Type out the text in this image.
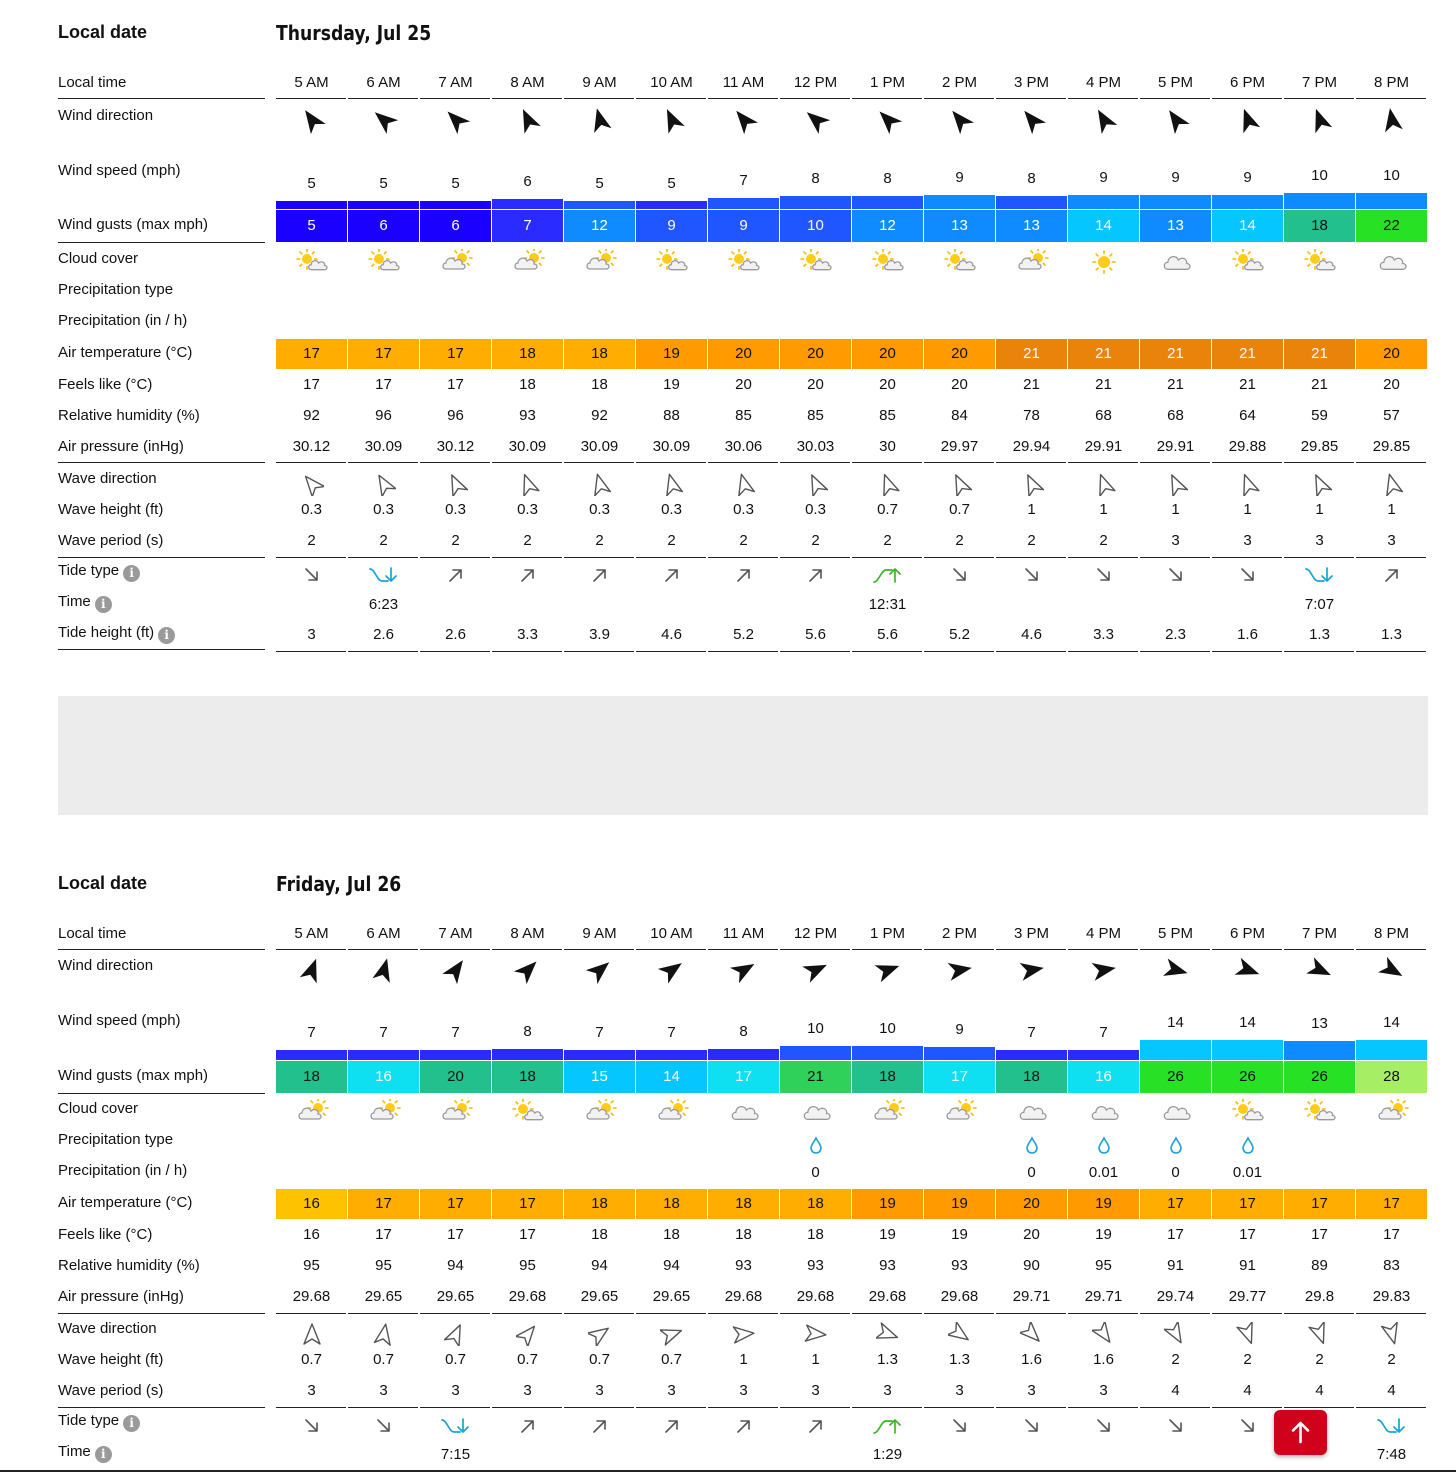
Local date	Thursday, Jul 25
Local time
Wind direction
Wind speed (mph)
Wind gusts (max mph)
Cloud cover
Precipitation type
Precipitation (in / h)
Air temperature (°C)
Feels like (°C)
Relative humidity (%)
Air pressure (inHg)
Wave direction
Wave height (ft)
Wave period (s)
Tide type i
Time i
Tide height (ft) i
5 AM
5
5
17
17
92
30.12
0.3
2
3
6 AM
5
6
17
17
96
30.09
0.3
2
6:23
2.6
7 AM
5
6
17
17
96
30.12
0.3
2
2.6
8 AM
6
7
18
18
93
30.09
0.3
2
3.3
9 AM
5
12
18
18
92
30.09
0.3
2
3.9
10 AM
5
9
19
19
88
30.09
0.3
2
4.6
11 AM
7
9
20
20
85
30.06
0.3
2
5.2
12 PM
8
10
20
20
85
30.03
0.3
2
5.6
1 PM
8
12
20
20
85
30
0.7
2
12:31
5.6
2 PM
9
13
20
20
84
29.97
0.7
2
5.2
3 PM
8
13
21
21
78
29.94
1
2
4.6
4 PM
9
14
21
21
68
29.91
1
2
3.3
5 PM
9
13
21
21
68
29.91
1
3
2.3
6 PM
9
14
21
21
64
29.88
1
3
1.6
7 PM
10
18
21
21
59
29.85
1
3
7:07
1.3
8 PM
10
22
20
20
57
29.85
1
3
1.3
Local date	Friday, Jul 26
Local time
Wind direction
Wind speed (mph)
Wind gusts (max mph)
Cloud cover
Precipitation type
Precipitation (in / h)
Air temperature (°C)
Feels like (°C)
Relative humidity (%)
Air pressure (inHg)
Wave direction
Wave height (ft)
Wave period (s)
Tide type i
Time i
5 AM
7
18
16
16
95
29.68
0.7
3
6 AM
7
16
17
17
95
29.65
0.7
3
7 AM
7
20
17
17
94
29.65
0.7
3
7:15
8 AM
8
18
17
17
95
29.68
0.7
3
9 AM
7
15
18
18
94
29.65
0.7
3
10 AM
7
14
18
18
94
29.65
0.7
3
11 AM
8
17
18
18
93
29.68
1
3
12 PM
10
21
0
18
18
93
29.68
1
3
1 PM
10
18
19
19
93
29.68
1.3
3
1:29
2 PM
9
17
19
19
93
29.68
1.3
3
3 PM
7
18
0
20
20
90
29.71
1.6
3
4 PM
7
16
0.01
19
19
95
29.71
1.6
3
5 PM
14
26
0
17
17
91
29.74
2
4
6 PM
14
26
0.01
17
17
91
29.77
2
4
7 PM
13
26
17
17
89
29.8
2
4
8 PM
14
28
17
17
83
29.83
2
4
7:48
